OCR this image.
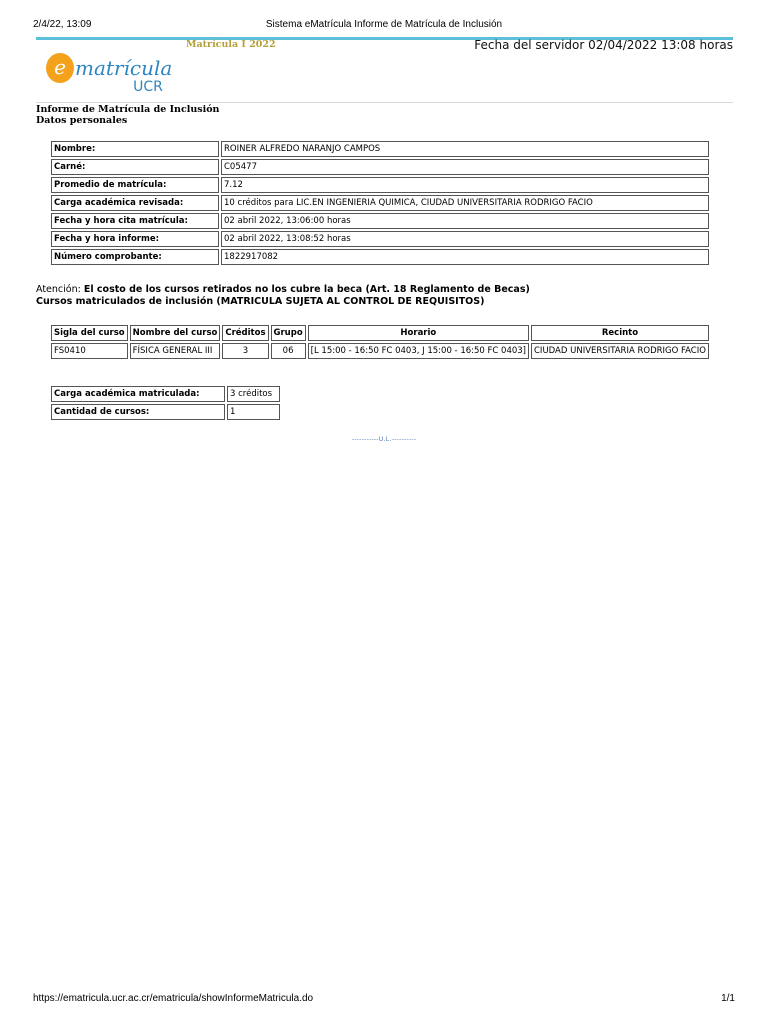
2/4/22, 13:09	Sistema eMatrícula Informe de Matrícula de Inclusión
e matrícula
UCR
Matrícula I 2022	Fecha del servidor 02/04/2022 13:08 horas
Informe de Matrícula de Inclusión
Datos personales
Nombre:	ROINER ALFREDO NARANJO CAMPOS
Carné:	C05477
Promedio de matrícula:	7.12
Carga académica revisada:	10 créditos para LIC.EN INGENIERIA QUIMICA, CIUDAD UNIVERSITARIA RODRIGO FACIO
Fecha y hora cita matrícula:	02 abril 2022, 13:06:00 horas
Fecha y hora informe:	02 abril 2022, 13:08:52 horas
Número comprobante:	1822917082
Atención: El costo de los cursos retirados no los cubre la beca (Art. 18 Reglamento de Becas)
Cursos matriculados de inclusión (MATRICULA SUJETA AL CONTROL DE REQUISITOS)
Sigla del curso	Nombre del curso	Créditos	Grupo	Horario	Recinto
FS0410	FÍSICA GENERAL III	3	06	[L 15:00 - 16:50 FC 0403, J 15:00 - 16:50 FC 0403]	CIUDAD UNIVERSITARIA RODRIGO FACIO
Carga académica matriculada:	3 créditos
Cantidad de cursos:	1
-----------U.L.----------
https://ematricula.ucr.ac.cr/ematricula/showInformeMatricula.do	1/1
